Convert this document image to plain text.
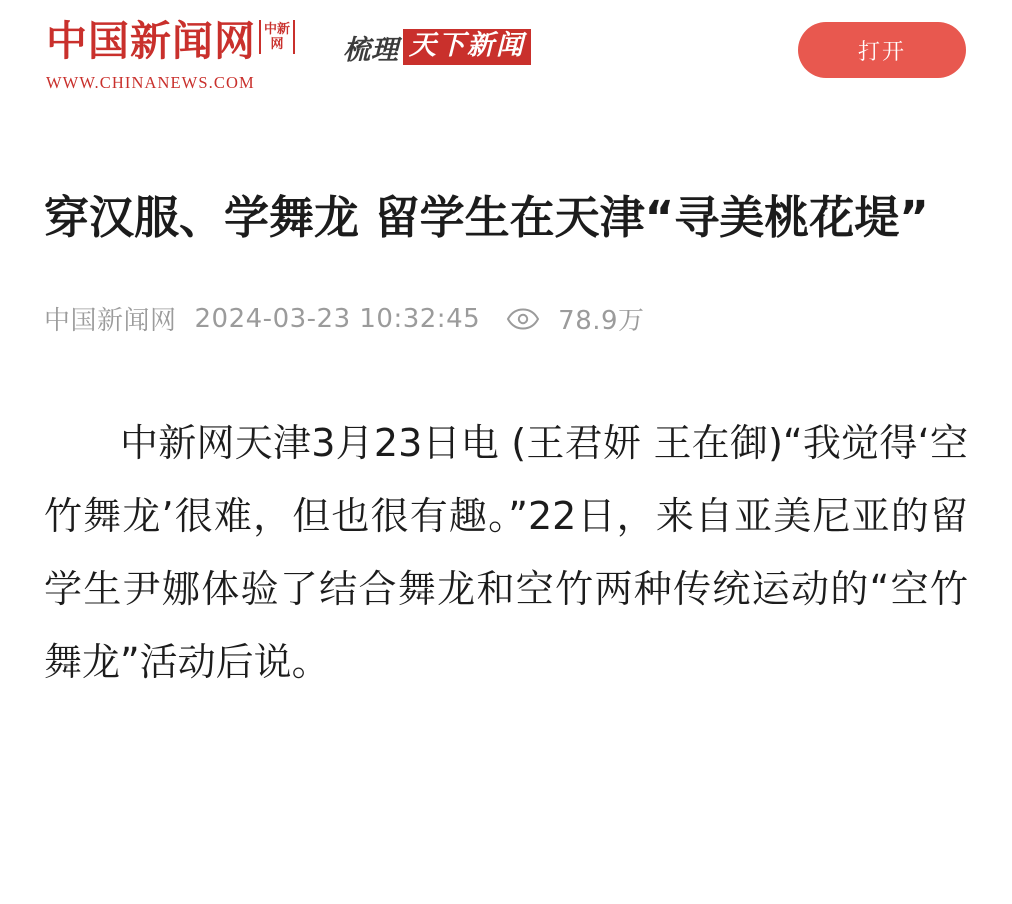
中国新闻网
WWW.CHINANEWS.COM
中新网	梳理 天下新闻	打开
穿汉服、学舞龙 留学生在天津“寻美桃花堤”
中国新闻网 2024-03-23 10:32:45	78.9万

中新网天津3月23日电 (王君妍 王在御)“我觉得‘空竹舞龙’很难，但也很有趣。”22日，来自亚美尼亚的留学生尹娜体验了结合舞龙和空竹两种传统运动的“空竹舞龙”活动后说。
